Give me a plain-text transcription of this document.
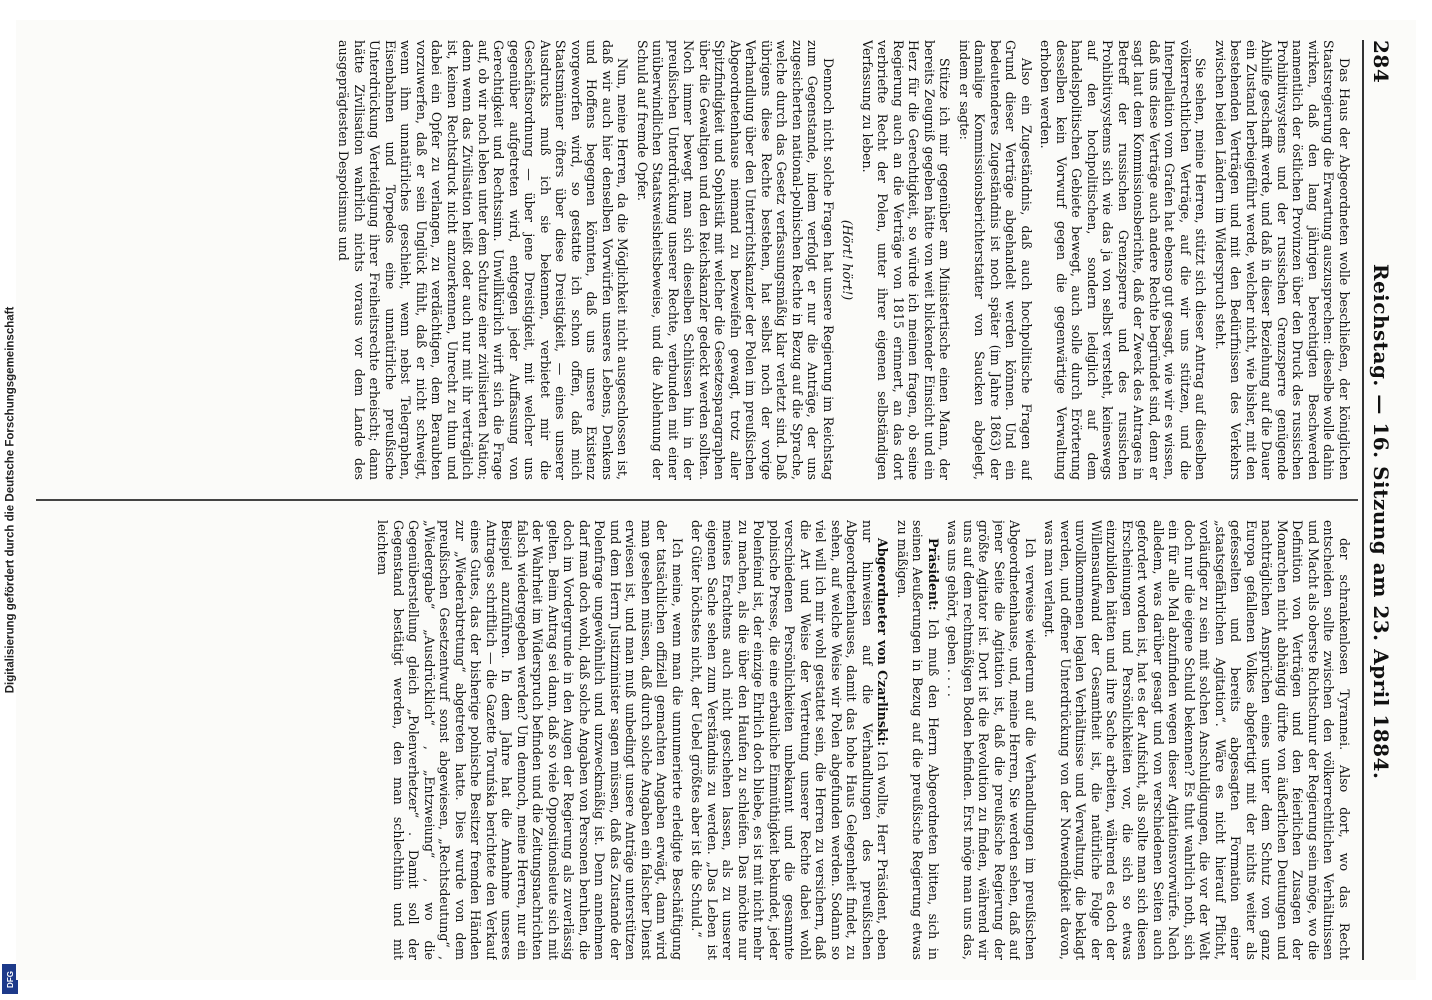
Digitalisierung gefördert durch die Deutsche Forschungsgemeinschaft
DFG
284
Reichstag. — 16. Sitzung am 23. April 1884.

Das Haus der Abgeordneten wolle beschließen, der königlichen Staatsregierung die Erwartung auszusprechen: dieselbe wolle dahin wirken, daß den lang jährigen berechtigten Beschwerden namentlich der östlichen Provinzen über den Druck des russischen Prohibitivsystems und der russischen Grenzsperre genügende Abhilfe geschafft werde, und daß in dieser Beziehung auf die Dauer ein Zustand herbeigeführt werde, welcher nicht, wie bisher, mit den bestehenden Verträgen und mit den Bedürfnissen des Verkehrs zwischen beiden Ländern im Widerspruch steht.

Sie sehen, meine Herren, stützt sich dieser Antrag auf dieselben völkerrechtlichen Verträge, auf die wir uns stützen, und die Interpellation vom Grafen hat ebenso gut gesagt, wie wir es wissen, daß uns diese Verträge auch andere Rechte begründet sind, denn er sagt laut dem Kommissionsberichte, daß der Zweck des Antrages in Betreff der russischen Grenzsperre und des russischen Prohibitivsystems sich wie das ja von selbst versteht, keineswegs auf den hochpolitischen, sondern lediglich auf dem handelspolitischen Gebiete bewegt, auch solle durch Erörterung desselben kein Vorwurf gegen die gegenwärtige Verwaltung erhoben werden.

Also ein Zugeständnis, daß auch hochpolitische Fragen auf Grund dieser Verträge abgehandelt werden können. Und ein bedeutenderes Zugeständnis ist noch später (im Jahre 1863) der damalige Kommissionsberichterstatter von Saucken abgelegt, indem er sagte:

Stütze ich mir gegenüber am Ministertische einen Mann, der bereits Zeugniß gegeben hätte von weit blickender Einsicht und ein Herz für die Gerechtigkeit, so würde ich meinen fragen, ob seine Regierung auch an die Verträge von 1815 erinnert, an das dort verbriefte Recht der Polen, unter ihrer eigenen selbständigen Verfassung zu leben.

(Hört! hört!)

Dennoch nicht solche Fragen hat unsere Regierung im Reichstag zum Gegenstande, indem verfolgt er nur die Anträge, der uns zugesicherten national-polnischen Rechte in Bezug auf die Sprache, welche durch das Gesetz verfassungsmäßig klar verletzt sind. Daß übrigens diese Rechte bestehen, hat selbst noch der vorige Verhandlung über den Unterrichtskanzler der Polen im preußischen Abgeordnetenhause niemand zu bezweifeln gewagt, trotz aller Spitzfindigkeit und Sophistik mit welcher die Gesetzesparagraphen über die Gewaltigen und den Reichskanzler gedeckt werden sollten. Noch immer bewegt man sich dieselben Schlüssen hin in der preußischen Unterdrückung unserer Rechte, verbunden mit einer unüberwindlichen Staatsweisheitsbeweise, und die Ablehnung der Schuld auf fremde Opfer.

Nun, meine Herren, da die Möglichkeit nicht ausgeschlossen ist, daß wir auch hier denselben Vorwürfen unseres Lebens, Denkens und Hoffens begegnen könnten, daß uns unsere Existenz vorgeworfen wird, so gestatte ich schon offen, daß mich Staatsmänner öfters über diese Dreistigkeit, — eines unserer Ausdrucks muß ich sie bekennen, verbietet mir die Geschäftsordnung — über jene Dreistigkeit, mit welcher uns gegenüber aufgetreten wird, entgegen jeder Auffassung von Gerechtigkeit und Rechtssinn. Unwillkürlich wirft sich die Frage auf, ob wir noch leben unter dem Schutze einer zivilisierten Nation; denn wenn das Zivilisation heißt oder auch nur mit ihr verträglich ist, keinen Rechtsdruck nicht anzuerkennen, Unrecht zu thun und dabei ein Opfer zu verlangen, zu verdächtigen, dem Beraubten vorzuwerfen, daß er sein Unglück fühlt, daß er nicht schweigt, wenn ihm unnatürliches geschieht, wenn nebst Telegraphen, Eisenbahnen und Torpedos eine unnatürliche preußische Unterdrückung Verteidigung ihrer Freiheitsrechte erheischt; dann hätte Zivilisation wahrlich nichts voraus vor dem Lande des ausgeprägtesten Despotismus und

der schrankenlosen Tyrannei. Also dort, wo das Recht entscheiden sollte zwischen den völkerrechtlichen Verhältnissen und Macht als oberste Richtschnur der Regierung sein möge, wo die Definition von Verträgen und den feierlichen Zusagen der Monarchen nicht abhängig dürfte von äußerlichen Deutungen und nachträglichen Ansprüchen eines unter dem Schutz von ganz Europa gefallenen Volkes abgefertigt mit der nichts weiter als gefesselten und bereits abgesagten Formation einer „staatsgefährlichen Agitation“. Wäre es nicht hierauf Pflicht, vorläufiger zu sein mit solchen Anschuldigungen, die vor der Welt doch nur die eigene Schuld bekennen? Es thut wahrlich noth, sich ein für alle Mal abzufinden wegen dieser Agitationsvorwürfe. Nach alledem, was darüber gesagt und von verschiedenen Seiten auch gefordert worden ist, hat es der Aufsicht, als sollte man sich diesen Erscheinungen und Persönlichkeiten vor, die sich so etwas einzubilden hätten und ihre Sache arbeiten, während es doch der Willensaufwand der Gesamtheit ist, die natürliche Folge der unvollkommenen legalen Verhältnisse und Verwaltung, die beklagt werden, und offener Unterdrückung von der Notwendigkeit davon, was man verlangt.

Ich verweise wiederum auf die Verhandlungen im preußischen Abgeordnetenhause, und, meine Herren, Sie werden sehen, daß auf jener Seite die Agitation ist, daß die preußische Regierung der größte Agitator ist. Dort ist die Revolution zu finden, während wir uns auf dem rechtmäßigen Boden befinden. Erst möge man uns das, was uns gehört, geben . . . .

Präsident: Ich muß den Herrn Abgeordneten bitten, sich in seinen Aeußerungen in Bezug auf die preußische Regierung etwas zu mäßigen.

Abgeordneter von Czarlinski: Ich wollte, Herr Präsident, eben nur hinweisen auf die Verhandlungen des preußischen Abgeordnetenhauses, damit das hohe Haus Gelegenheit findet, zu sehen, auf welche Weise wir Polen abgefunden werden. Sodann so viel will ich mir wohl gestattet sein, die Herren zu versichern, daß die Art und Weise der Vertretung unserer Rechte dabei wohl verschiedenen Persönlichkeiten unbekannt und die gesammte polnische Presse, die eine erbauliche Einmüthigkeit bekundet, jeder Polenfeind ist, der einzige Ehrlich doch bliebe, es ist mit nicht mehr zu machen, als die über den Haufen zu schleifen. Das möchte nur meines Erachtens auch nicht geschehen lassen, als zu unserer eigenen Sache sehen zum Verständnis zu werden. „Das Leben ist der Güter höchstes nicht, der Uebel größtes aber ist die Schuld.“

Ich meine, wenn man die unnumerierte erledigte Beschäftigung der tatsächlichen offiziell gemachten Angaben erwägt, dann wird man gesehen müssen, daß durch solche Angaben ein falscher Dienst erwiesen ist, und man muß unbedingt unsere Anträge unterstützen und dem Herrn Justizminister sagen müssen, daß das Zustande der Polenfrage ungewöhnlich und unzweckmäßig ist. Denn annehmen darf man doch wohl, daß solche Angaben von Personen beruhen, die doch im Vordergrunde in den Augen der Regierung als zuverlässig gelten. Beim Antrag sei dann, daß so viele Oppositionsleute sich mit der Wahrheit im Widerspruch befinden und die Zeitungsnachrichten falsch wiedergegeben werden? Um dennoch, meine Herren, nur ein Beispiel anzuführen. In dem Jahre hat die Annahme unseres Antrages schriftlich — die Gazette Toruńska berichtete den Verkauf eines Gutes, das der bisherige polnische Besitzer fremden Händen zur „Wiederabtretung“ abgetreten hatte. Dies wurde von dem preußischen Gesetzentwurf sonst abgewiesen, „Rechtsdeutung“ , „Wiedergabe“ „Ausdrücklich“ , „Entzweiung“ , wo die Gegenüberstellung gleich „Polenverhetzer“ . Damit soll der Gegenstand bestätigt werden, den man schlechthin und mit leichtem
